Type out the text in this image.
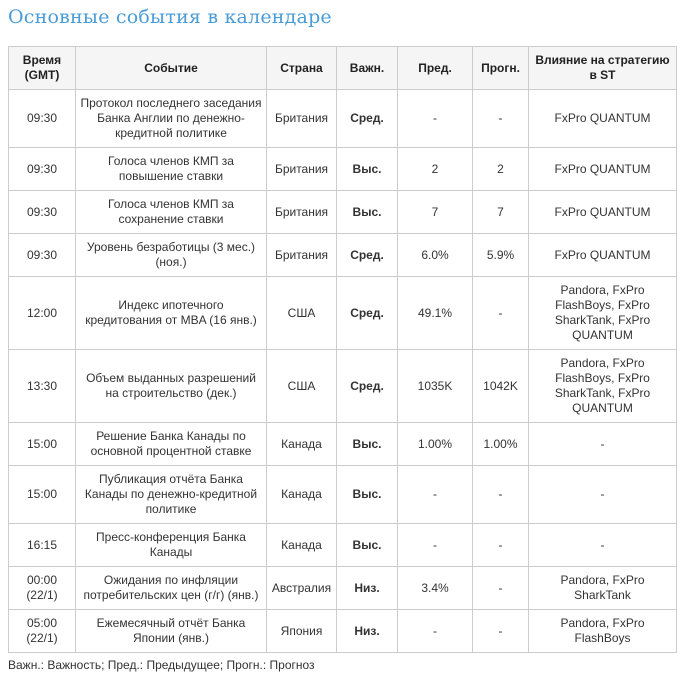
Основные события в календаре
Время (GMT)	Событие	Страна	Важн.	Пред.	Прогн.	Влияние на стратегию в ST
09:30	Протокол последнего заседания Банка Англии по денежно-кредитной политике	Британия	Сред.	-	-	FxPro QUANTUM
09:30	Голоса членов КМП за повышение ставки	Британия	Выс.	2	2	FxPro QUANTUM
09:30	Голоса членов КМП за сохранение ставки	Британия	Выс.	7	7	FxPro QUANTUM
09:30	Уровень безработицы (3 мес.) (ноя.)	Британия	Сред.	6.0%	5.9%	FxPro QUANTUM
12:00	Индекс ипотечного кредитования от MBA (16 янв.)	США	Сред.	49.1%	-	Pandora, FxPro FlashBoys, FxPro SharkTank, FxPro QUANTUM
13:30	Объем выданных разрешений на строительство (дек.)	США	Сред.	1035K	1042K	Pandora, FxPro FlashBoys, FxPro SharkTank, FxPro QUANTUM
15:00	Решение Банка Канады по основной процентной ставке	Канада	Выс.	1.00%	1.00%	-
15:00	Публикация отчёта Банка Канады по денежно-кредитной политике	Канада	Выс.	-	-	-
16:15	Пресс-конференция Банка Канады	Канада	Выс.	-	-	-
00:00 (22/1)	Ожидания по инфляции потребительских цен (г/г) (янв.)	Австралия	Низ.	3.4%	-	Pandora, FxPro SharkTank
05:00 (22/1)	Ежемесячный отчёт Банка Японии (янв.)	Япония	Низ.	-	-	Pandora, FxPro FlashBoys

Важн.: Важность; Пред.: Предыдущее; Прогн.: Прогноз
